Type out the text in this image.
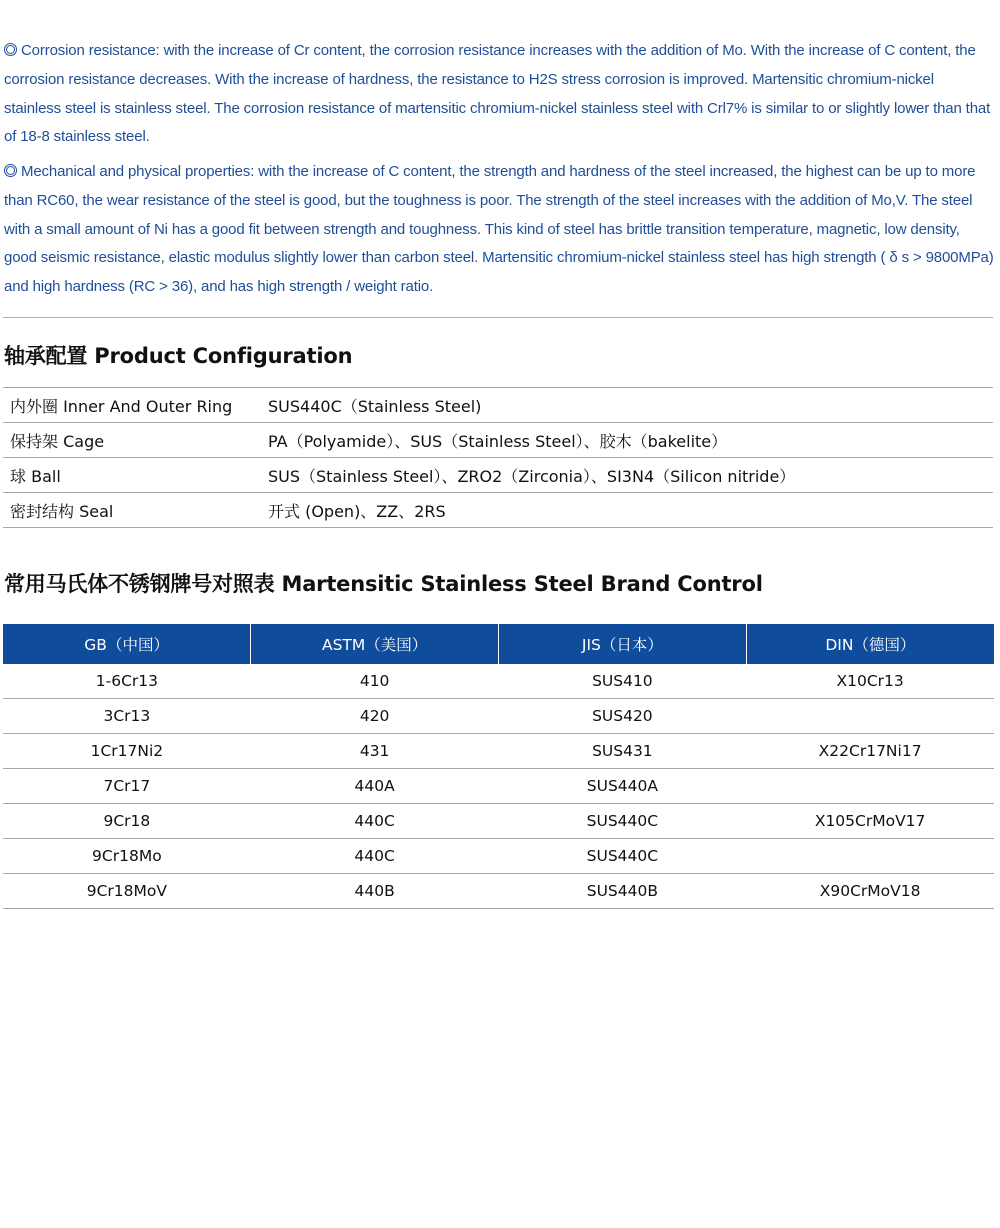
Corrosion resistance: with the increase of Cr content, the corrosion resistance increases with the addition of Mo. With the increase of C content, the corrosion resistance decreases. With the increase of hardness, the resistance to H2S stress corrosion is improved. Martensitic chromium-nickel stainless steel is stainless steel. The corrosion resistance of martensitic chromium-nickel stainless steel with Crl7% is similar to or slightly lower than that of 18-8 stainless steel.

Mechanical and physical properties: with the increase of C content, the strength and hardness of the steel increased, the highest can be up to more than RC60, the wear resistance of the steel is good, but the toughness is poor. The strength of the steel increases with the addition of Mo,V. The steel with a small amount of Ni has a good fit between strength and toughness. This kind of steel has brittle transition temperature, magnetic, low density, good seismic resistance, elastic modulus slightly lower than carbon steel. Martensitic chromium-nickel stainless steel has high strength ( δ s > 9800MPa) and high hardness (RC > 36), and has high strength / weight ratio.

轴承配置 Product Configuration
内外圈 Inner And Outer Ring	SUS440C（Stainless Steel)
保持架 Cage	PA（Polyamide）、SUS（Stainless Steel）、胶木（bakelite）
球 Ball	SUS（Stainless Steel）、ZRO2（Zirconia）、SI3N4（Silicon nitride）
密封结构 Seal	开式 (Open)、ZZ、2RS
常用马氏体不锈钢牌号对照表 Martensitic Stainless Steel Brand Control
GB（中国）	ASTM（美国）	JIS（日本）	DIN（德国）
1-6Cr13	410	SUS410	X10Cr13
3Cr13	420	SUS420	
1Cr17Ni2	431	SUS431	X22Cr17Ni17
7Cr17	440A	SUS440A	
9Cr18	440C	SUS440C	X105CrMoV17
9Cr18Mo	440C	SUS440C	
9Cr18MoV	440B	SUS440B	X90CrMoV18
